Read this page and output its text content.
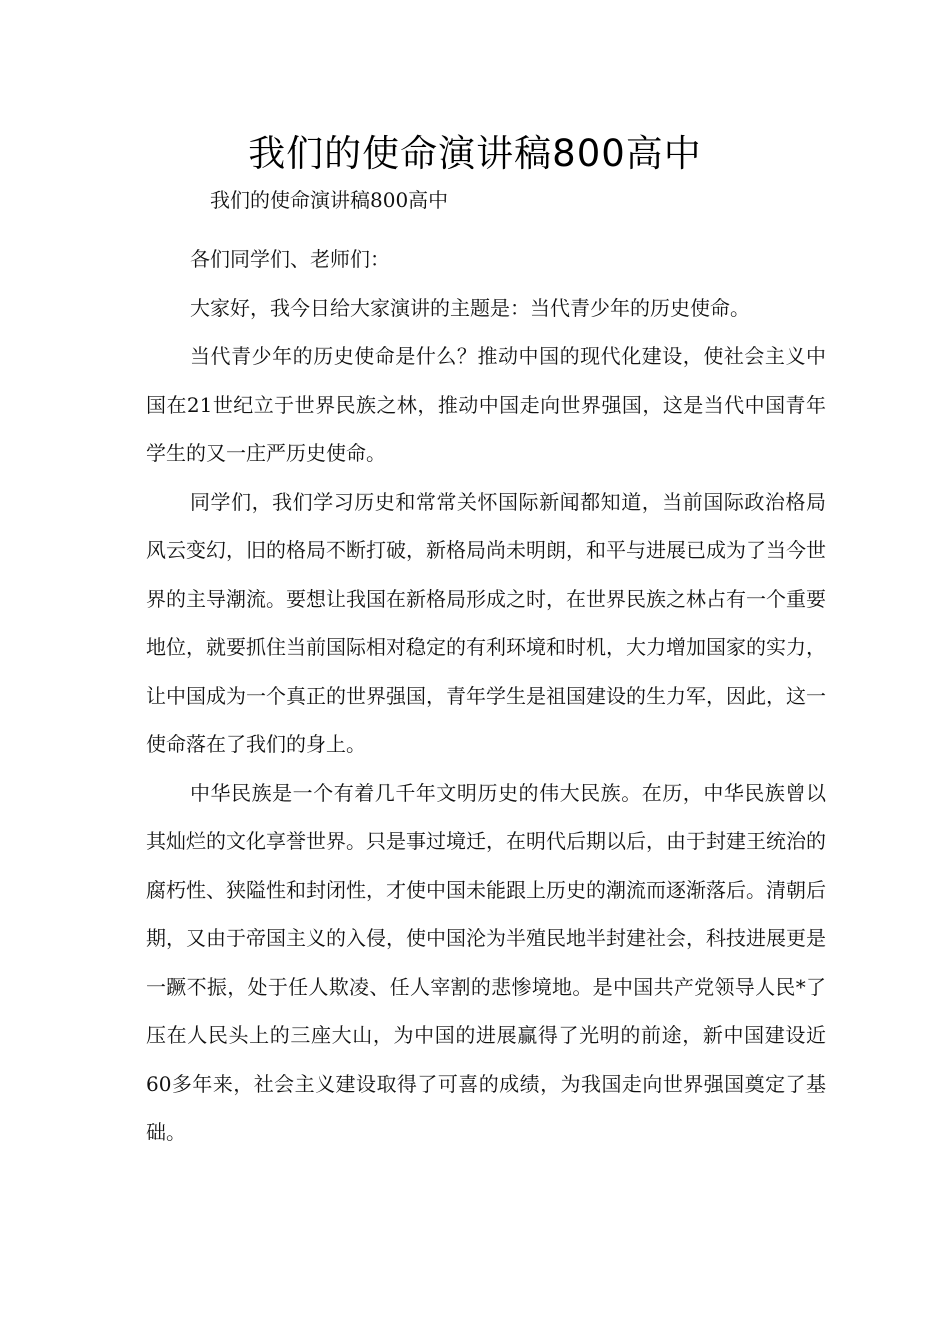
我们的使命演讲稿800高中
我们的使命演讲稿800高中

各们同学们、老师们：

大家好，我今日给大家演讲的主题是：当代青少年的历史使命。

当代青少年的历史使命是什么？推动中国的现代化建设，使社会主义中国在21世纪立于世界民族之林，推动中国走向世界强国，这是当代中国青年学生的又一庄严历史使命。

同学们，我们学习历史和常常关怀国际新闻都知道，当前国际政治格局风云变幻，旧的格局不断打破，新格局尚未明朗，和平与进展已成为了当今世界的主导潮流。要想让我国在新格局形成之时，在世界民族之林占有一个重要地位，就要抓住当前国际相对稳定的有利环境和时机，大力增加国家的实力，让中国成为一个真正的世界强国，青年学生是祖国建设的生力军，因此，这一使命落在了我们的身上。

中华民族是一个有着几千年文明历史的伟大民族。在历，中华民族曾以其灿烂的文化享誉世界。只是事过境迁，在明代后期以后，由于封建王统治的腐朽性、狭隘性和封闭性，才使中国未能跟上历史的潮流而逐渐落后。清朝后期，又由于帝国主义的入侵，使中国沦为半殖民地半封建社会，科技进展更是一蹶不振，处于任人欺凌、任人宰割的悲惨境地。是中国共产党领导人民*了压在人民头上的三座大山，为中国的进展赢得了光明的前途，新中国建设近60多年来，社会主义建设取得了可喜的成绩，为我国走向世界强国奠定了基础。
